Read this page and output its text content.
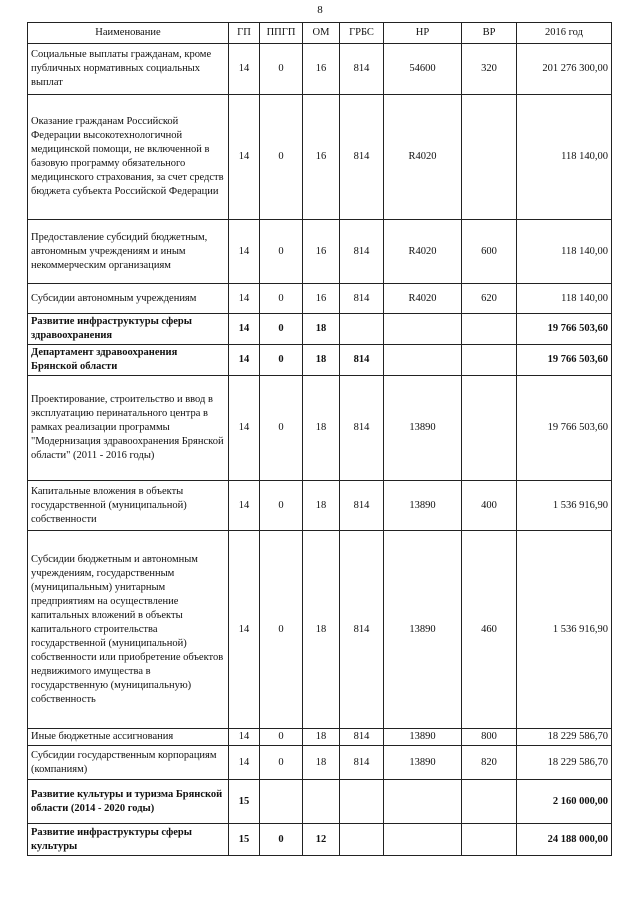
8
Наименование	ГП	ППГП	ОМ	ГРБС	НР	ВР	2016 год
Социальные выплаты гражданам, кроме публичных нормативных социальных выплат	14	0	16	814	54600	320	201 276 300,00
Оказание гражданам Российской Федерации высокотехнологичной медицинской помощи, не включенной в базовую программу обязательного медицинского страхования, за счет средств бюджета субъекта Российской Федерации	14	0	16	814	R4020		118 140,00
Предоставление субсидий бюджетным, автономным учреждениям и иным некоммерческим организациям	14	0	16	814	R4020	600	118 140,00
Субсидии автономным учреждениям	14	0	16	814	R4020	620	118 140,00
Развитие инфраструктуры сферы здравоохранения	14	0	18				19 766 503,60
Департамент здравоохранения Брянской области	14	0	18	814			19 766 503,60
Проектирование, строительство и ввод в эксплуатацию перинатального центра в рамках реализации программы "Модернизация здравоохранения Брянской области" (2011 - 2016 годы)	14	0	18	814	13890		19 766 503,60
Капитальные вложения в объекты государственной (муниципальной) собственности	14	0	18	814	13890	400	1 536 916,90
Субсидии бюджетным и автономным учреждениям, государственным (муниципальным) унитарным предприятиям на осуществление капитальных вложений в объекты капитального строительства государственной (муниципальной) собственности или приобретение объектов недвижимого имущества в государственную (муниципальную) собственность	14	0	18	814	13890	460	1 536 916,90
Иные бюджетные ассигнования	14	0	18	814	13890	800	18 229 586,70
Субсидии государственным корпорациям (компаниям)	14	0	18	814	13890	820	18 229 586,70
Развитие культуры и туризма Брянской области (2014 - 2020 годы)	15						2 160 000,00
Развитие инфраструктуры сферы культуры	15	0	12				24 188 000,00
